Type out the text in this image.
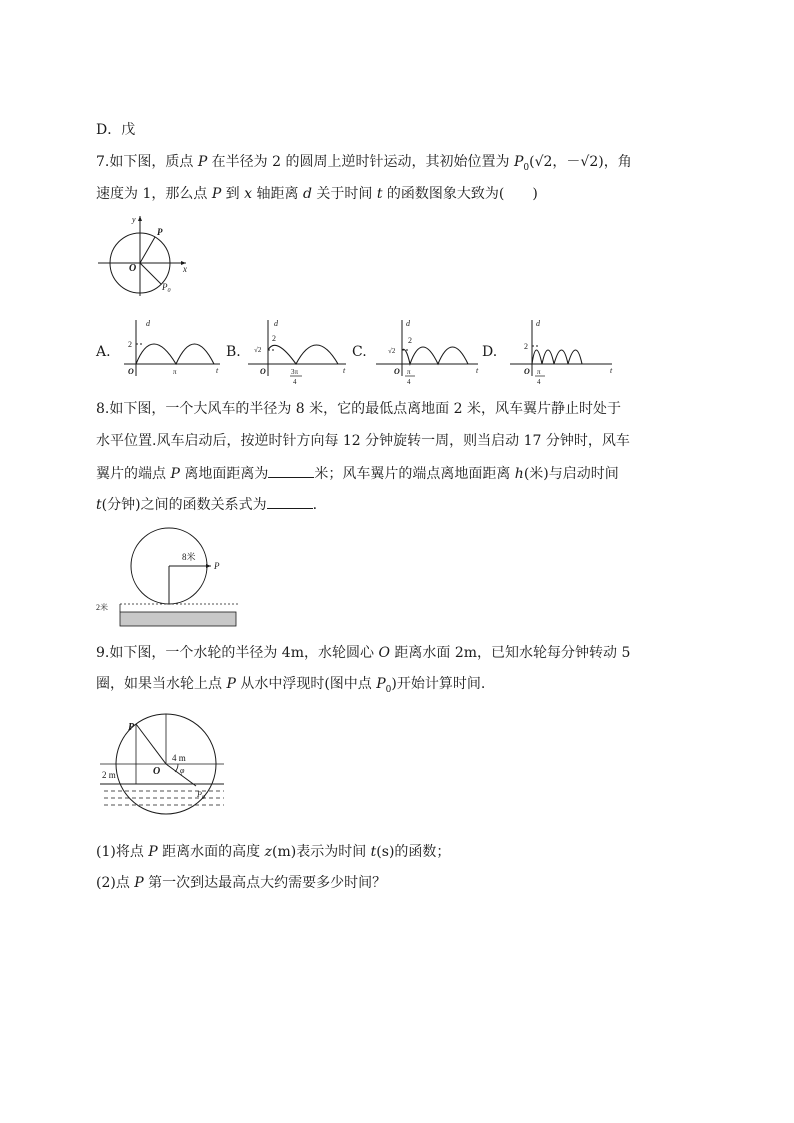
D．戊
7.如下图，质点 P 在半径为 2 的圆周上逆时针运动，其初始位置为 $P_0(√2$，－√2)，角
速度为 1，那么点 P 到 x 轴距离 d 关于时间 t 的函数图象大致为(　　)
y
x
O
P
$P_0$
A.
d
t
O
2
π
B.
d
t
O
2
√2
3π
4
C.
d
t
O
2
√2
π
4
D.
d
t
O
2
π
4
8.如下图，一个大风车的半径为 8 米，它的最低点离地面 2 米，风车翼片静止时处于
水平位置.风车启动后，按逆时针方向每 12 分钟旋转一周，则当启动 17 分钟时，风车
翼片的端点 P 离地面距离为	米；风车翼片的端点离地面距离 h(米)与启动时间
t(分钟)之间的函数关系式为	.
8米
P
2米
9.如下图，一个水轮的半径为 4m，水轮圆心 O 距离水面 2m，已知水轮每分钟转动 5
圈，如果当水轮上点 P 从水中浮现时(图中点 $P_0$)开始计算时间.
P
4 m
O φ
2 m
$P_0$
(1)将点 P 距离水面的高度 z(m)表示为时间 t(s)的函数；
(2)点 P 第一次到达最高点大约需要多少时间？
